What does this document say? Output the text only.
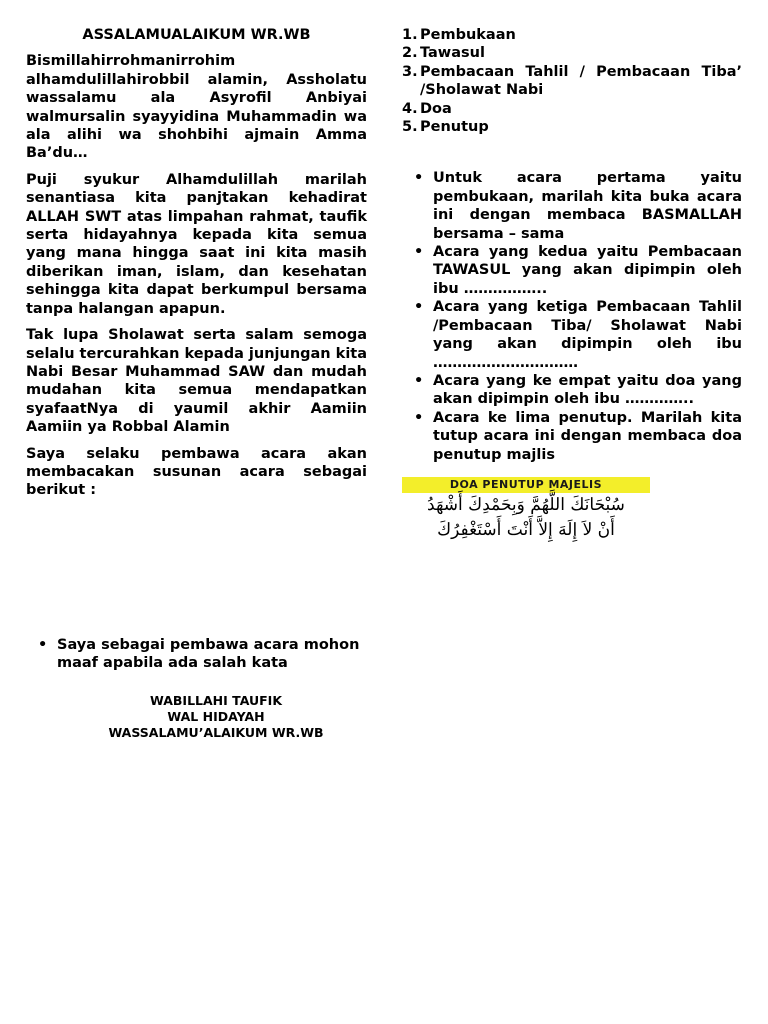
ASSALAMUALAIKUM WR.WB

Bismillahirrohmanirrohim alhamdulillahirobbil alamin, Assholatu wassalamu ala Asyrofil Anbiyai walmursalin syayyidina Muhammadin wa ala alihi wa shohbihi ajmain Amma Ba’du…

Puji syukur Alhamdulillah marilah senantiasa kita panjtakan kehadirat ALLAH SWT atas limpahan rahmat, taufik serta hidayahnya kepada kita semua yang mana hingga saat ini kita masih diberikan iman, islam, dan kesehatan sehingga kita dapat berkumpul bersama tanpa halangan apapun.

Tak lupa Sholawat serta salam semoga selalu tercurahkan kepada junjungan kita Nabi Besar Muhammad SAW dan mudah mudahan kita semua mendapatkan syafaatNya di yaumil akhir Aamiin Aamiin ya Robbal Alamin

Saya selaku pembawa acara akan membacakan susunan acara sebagai berikut :

1. Pembukaan
2. Tawasul
3. Pembacaan Tahlil / Pembacaan Tiba’ /Sholawat Nabi
4. Doa
5. Penutup
• Untuk acara pertama yaitu pembukaan, marilah kita buka acara ini dengan membaca BASMALLAH bersama – sama
• Acara yang kedua yaitu Pembacaan TAWASUL yang akan dipimpin oleh ibu ……………..
• Acara yang ketiga Pembacaan Tahlil /Pembacaan Tiba/ Sholawat Nabi yang akan dipimpin oleh ibu …………………………
• Acara yang ke empat yaitu doa yang akan dipimpin oleh ibu …………..
• Acara ke lima penutup. Marilah kita tutup acara ini dengan membaca doa penutup majlis
DOA PENUTUP MAJELIS
سُبْحَانَكَ اللَّهُمَّ وَبِحَمْدِكَ أَشْهَدُ
أَنْ لاَ إِلَهَ إِلاَّ أَنْتَ أَسْتَغْفِرُكَ
• Saya sebagai pembawa acara mohon maaf apabila ada salah kata
WABILLAHI TAUFIK
WAL HIDAYAH
WASSALAMU’ALAIKUM WR.WB
